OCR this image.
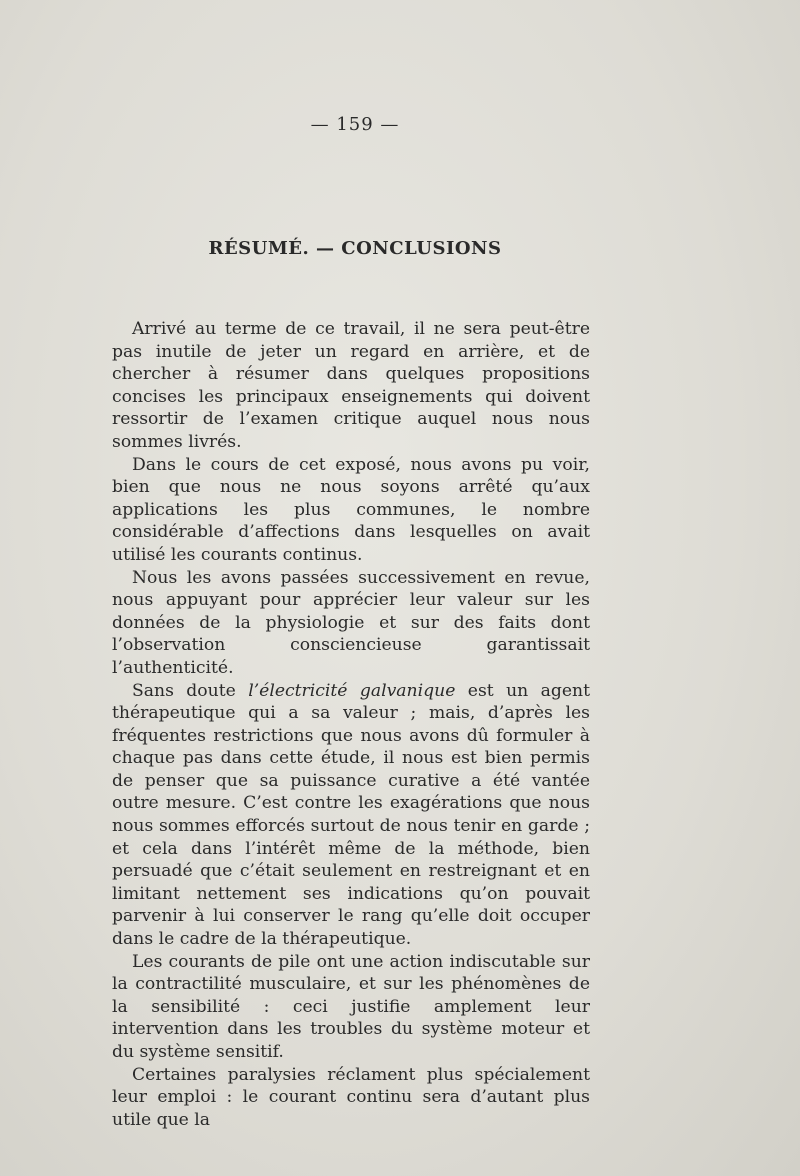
— 159 —
RÉSUMÉ. — CONCLUSIONS

Arrivé au terme de ce travail, il ne sera peut-être pas inutile de jeter un regard en arrière, et de chercher à résumer dans quelques propositions concises les principaux enseignements qui doivent ressortir de l’examen critique auquel nous nous sommes livrés.

Dans le cours de cet exposé, nous avons pu voir, bien que nous ne nous soyons arrêté qu’aux applications les plus communes, le nombre considérable d’affections dans lesquelles on avait utilisé les courants continus.

Nous les avons passées successivement en revue, nous appuyant pour apprécier leur valeur sur les données de la physiologie et sur des faits dont l’observation consciencieuse garantissait l’authenticité.

Sans doute l’électricité galvanique est un agent thérapeutique qui a sa valeur ; mais, d’après les fréquentes restrictions que nous avons dû formuler à chaque pas dans cette étude, il nous est bien permis de penser que sa puissance curative a été vantée outre mesure. C’est contre les exagérations que nous nous sommes efforcés surtout de nous tenir en garde ; et cela dans l’intérêt même de la méthode, bien persuadé que c’était seulement en restreignant et en limitant nettement ses indications qu’on pouvait parvenir à lui conserver le rang qu’elle doit occuper dans le cadre de la thérapeutique.

Les courants de pile ont une action indiscutable sur la contractilité musculaire, et sur les phénomènes de la sensibilité : ceci justifie amplement leur intervention dans les troubles du système moteur et du système sensitif.

Certaines paralysies réclament plus spécialement leur emploi : le courant continu sera d’autant plus utile que la
